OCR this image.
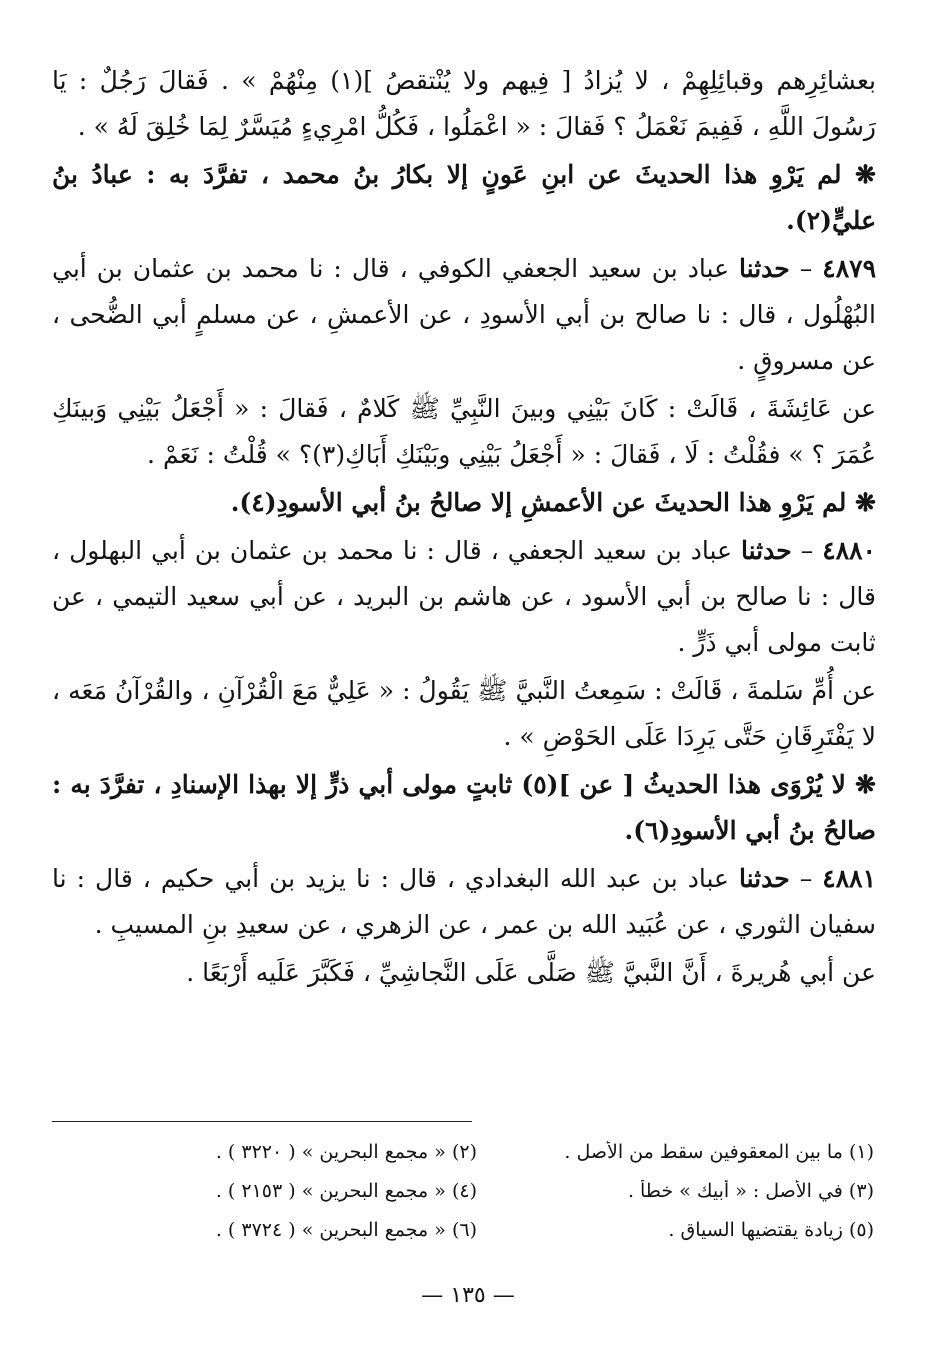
بعشائِرِهم وقبائِلِهِمْ ، لا يُزادُ [ فِيهم ولا يُنْتقصُ ](١) مِنْهُمْ » . فَقالَ رَجُلٌ : يَا رَسُولَ اللَّهِ ، فَفِيمَ نَعْمَلُ ؟ فَقالَ : « اعْمَلُوا ، فَكُلُّ امْرِيءٍ مُيَسَّرٌ لِمَا خُلِقَ لَهُ » .

❋ لم يَرْوِ هذا الحديثَ عن ابنِ عَونٍ إلا بكارُ بنُ محمد ، تفرَّدَ به : عبادُ بنُ عليٍّ(٢).

٤٨٧٩ – حدثنا عباد بن سعيد الجعفي الكوفي ، قال : نا محمد بن عثمان بن أبي البُهْلُول ، قال : نا صالح بن أبي الأسودِ ، عن الأعمشِ ، عن مسلمٍ أبي الضُّحى ، عن مسروقٍ .

عن عَائِشَةَ ، قَالَتْ : كَانَ بَيْنِي وبينَ النَّبِيِّ ﷺ كَلامٌ ، فَقالَ : « أَجْعَلُ بَيْنِي وَبينَكِ عُمَرَ ؟ » فقُلْتُ : لَا ، فَقالَ : « أَجْعَلُ بَيْنِي وبَيْنَكِ أَبَاكِ(٣)؟ » قُلْتُ : نَعَمْ .

❋ لم يَرْوِ هذا الحديثَ عن الأعمشِ إلا صالحُ بنُ أبي الأسودِ(٤).

٤٨٨٠ – حدثنا عباد بن سعيد الجعفي ، قال : نا محمد بن عثمان بن أبي البهلول ، قال : نا صالح بن أبي الأسود ، عن هاشم بن البريد ، عن أبي سعيد التيمي ، عن ثابت مولى أبي ذَرٍّ .

عن أُمِّ سَلمةَ ، قَالَتْ : سَمِعتُ النَّبيَّ ﷺ يَقُولُ : « عَلِيٌّ مَعَ الْقُرْآنِ ، والقُرْآنُ مَعَه ، لا يَفْتَرِقَانِ حَتَّى يَرِدَا عَلَى الحَوْضِ » .

❋ لا يُرْوَى هذا الحديثُ [ عن ](٥) ثابتٍ مولى أبي ذرٍّ إلا بهذا الإسنادِ ، تفرَّدَ به : صالحُ بنُ أبي الأسودِ(٦).

٤٨٨١ – حدثنا عباد بن عبد الله البغدادي ، قال : نا يزيد بن أبي حكيم ، قال : نا سفيان الثوري ، عن عُبَيد الله بن عمر ، عن الزهري ، عن سعيدِ بنِ المسيبِ .

عن أبي هُريرةَ ، أَنَّ النَّبيَّ ﷺ صَلَّى عَلَى النَّجاشِيِّ ، فَكَبَّرَ عَلَيه أَرْبَعًا .

(١) ما بين المعقوفين سقط من الأصل .
(٢) « مجمع البحرين » ( ٣٢٢٠ ) .
(٣) في الأصل : « أبيك » خطأ .
(٤) « مجمع البحرين » ( ٢١٥٣ ) .
(٥) زيادة يقتضيها السياق .
(٦) « مجمع البحرين » ( ٣٧٢٤ ) .
— ١٣٥ —
